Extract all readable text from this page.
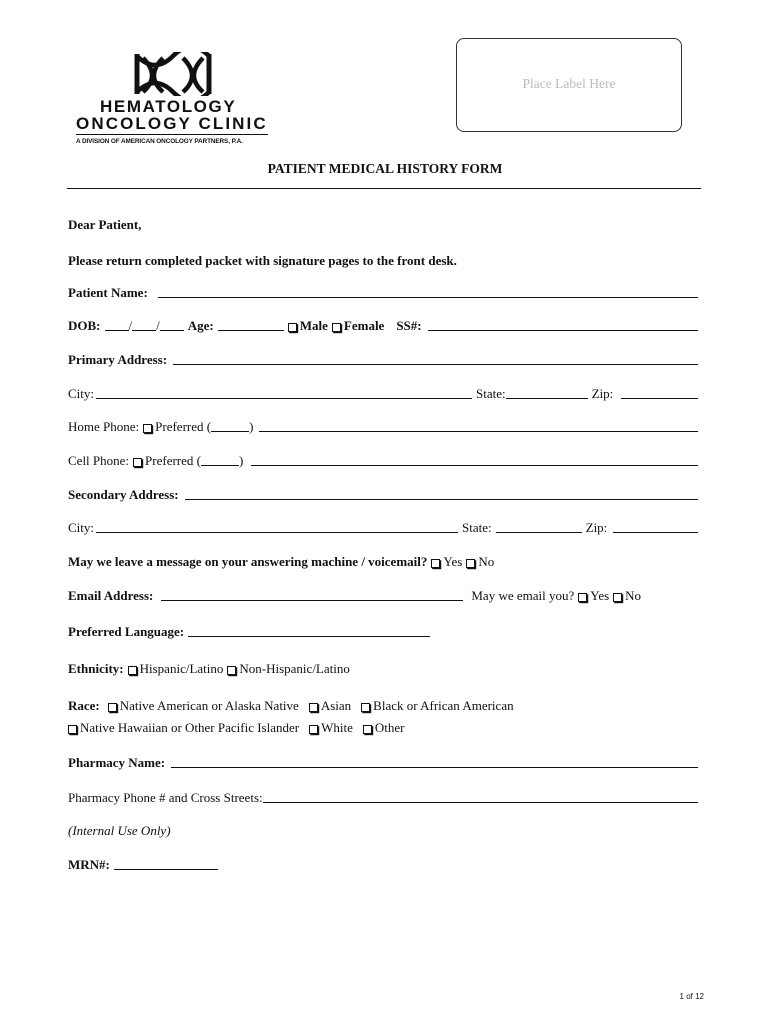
HEMATOLOGY
ONCOLOGY CLINIC
A DIVISION OF AMERICAN ONCOLOGY PARTNERS, P.A.
Place Label Here
PATIENT MEDICAL HISTORY FORM
Dear Patient,
Please return completed packet with signature pages to the front desk.
Patient Name:
DOB: / / Age:	Male Female SS#:
Primary Address:
City:	State:	Zip:
Home Phone: Preferred (	)
Cell Phone: Preferred (	)
Secondary Address:
City:	State:	Zip:
May we leave a message on your answering machine / voicemail? Yes No
Email Address:	May we email you? Yes No
Preferred Language:
Ethnicity: Hispanic/Latino Non-Hispanic/Latino
Race: Native American or Alaska Native Asian Black or African American
Native Hawaiian or Other Pacific Islander White Other
Pharmacy Name:
Pharmacy Phone # and Cross Streets:
(Internal Use Only)
MRN#:
1 of 12
